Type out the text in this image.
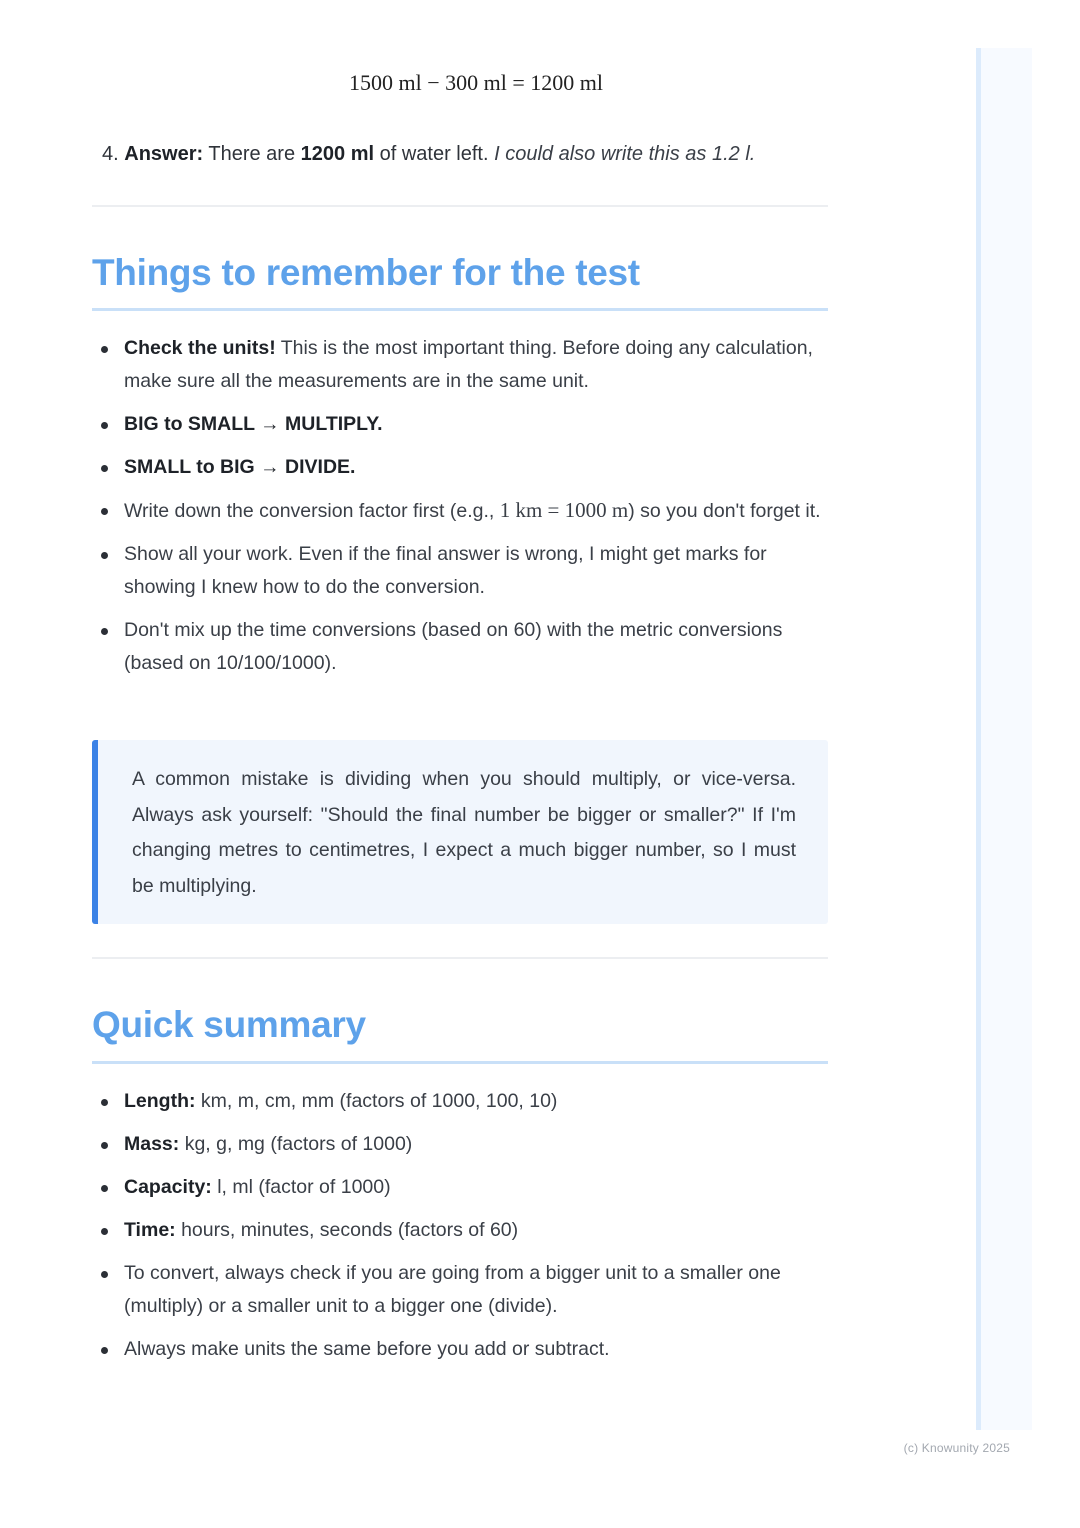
1500 ml − 300 ml = 1200 ml
4. Answer: There are 1200 ml of water left. I could also write this as 1.2 l.
Things to remember for the test
Check the units! This is the most important thing. Before doing any calculation, make sure all the measurements are in the same unit.
BIG to SMALL → MULTIPLY.
SMALL to BIG → DIVIDE.
Write down the conversion factor first (e.g., 1 km = 1000 m) so you don't forget it.
Show all your work. Even if the final answer is wrong, I might get marks for showing I knew how to do the conversion.
Don't mix up the time conversions (based on 60) with the metric conversions (based on 10/100/1000).
A common mistake is dividing when you should multiply, or vice-versa. Always ask yourself: "Should the final number be bigger or smaller?" If I'm changing metres to centimetres, I expect a much bigger number, so I must be multiplying.
Quick summary
Length: km, m, cm, mm (factors of 1000, 100, 10)
Mass: kg, g, mg (factors of 1000)
Capacity: l, ml (factor of 1000)
Time: hours, minutes, seconds (factors of 60)
To convert, always check if you are going from a bigger unit to a smaller one (multiply) or a smaller unit to a bigger one (divide).
Always make units the same before you add or subtract.
(c) Knowunity 2025
